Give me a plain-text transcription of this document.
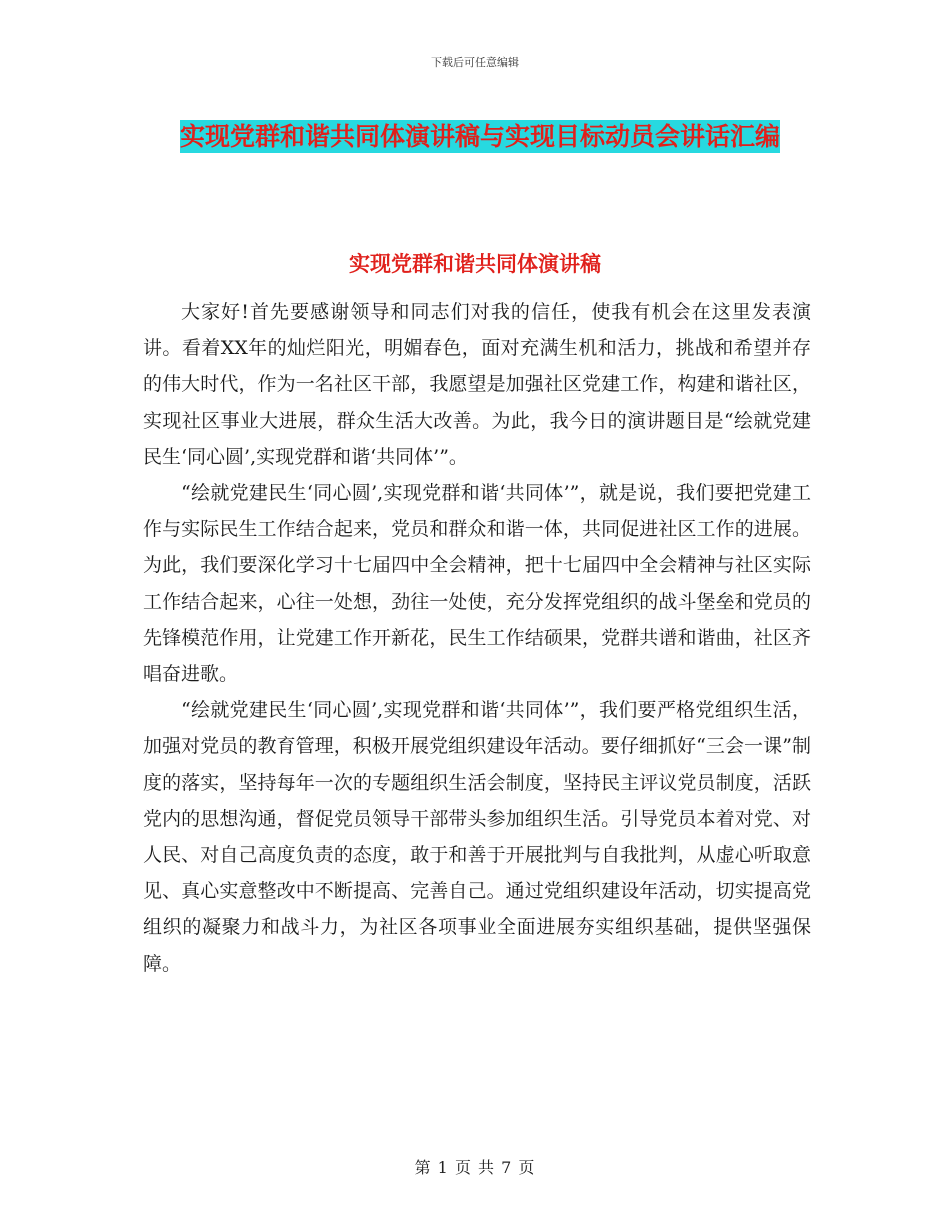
下载后可任意编辑
实现党群和谐共同体演讲稿与实现目标动员会讲话汇编
实现党群和谐共同体演讲稿

大家好!首先要感谢领导和同志们对我的信任，使我有机会在这里发表演讲。看着XX年的灿烂阳光，明媚春色，面对充满生机和活力，挑战和希望并存的伟大时代，作为一名社区干部，我愿望是加强社区党建工作，构建和谐社区，实现社区事业大进展，群众生活大改善。为此，我今日的演讲题目是“绘就党建民生‘同心圆’,实现党群和谐‘共同体’”。

“绘就党建民生‘同心圆’,实现党群和谐‘共同体’”，就是说，我们要把党建工作与实际民生工作结合起来，党员和群众和谐一体，共同促进社区工作的进展。为此，我们要深化学习十七届四中全会精神，把十七届四中全会精神与社区实际工作结合起来，心往一处想，劲往一处使，充分发挥党组织的战斗堡垒和党员的先锋模范作用，让党建工作开新花，民生工作结硕果，党群共谱和谐曲，社区齐唱奋进歌。

“绘就党建民生‘同心圆’,实现党群和谐‘共同体’”，我们要严格党组织生活，加强对党员的教育管理，积极开展党组织建设年活动。要仔细抓好“三会一课”制度的落实，坚持每年一次的专题组织生活会制度，坚持民主评议党员制度，活跃党内的思想沟通，督促党员领导干部带头参加组织生活。引导党员本着对党、对人民、对自己高度负责的态度，敢于和善于开展批判与自我批判，从虚心听取意见、真心实意整改中不断提高、完善自己。通过党组织建设年活动，切实提高党组织的凝聚力和战斗力，为社区各项事业全面进展夯实组织基础，提供坚强保障。

第 1 页 共 7 页
